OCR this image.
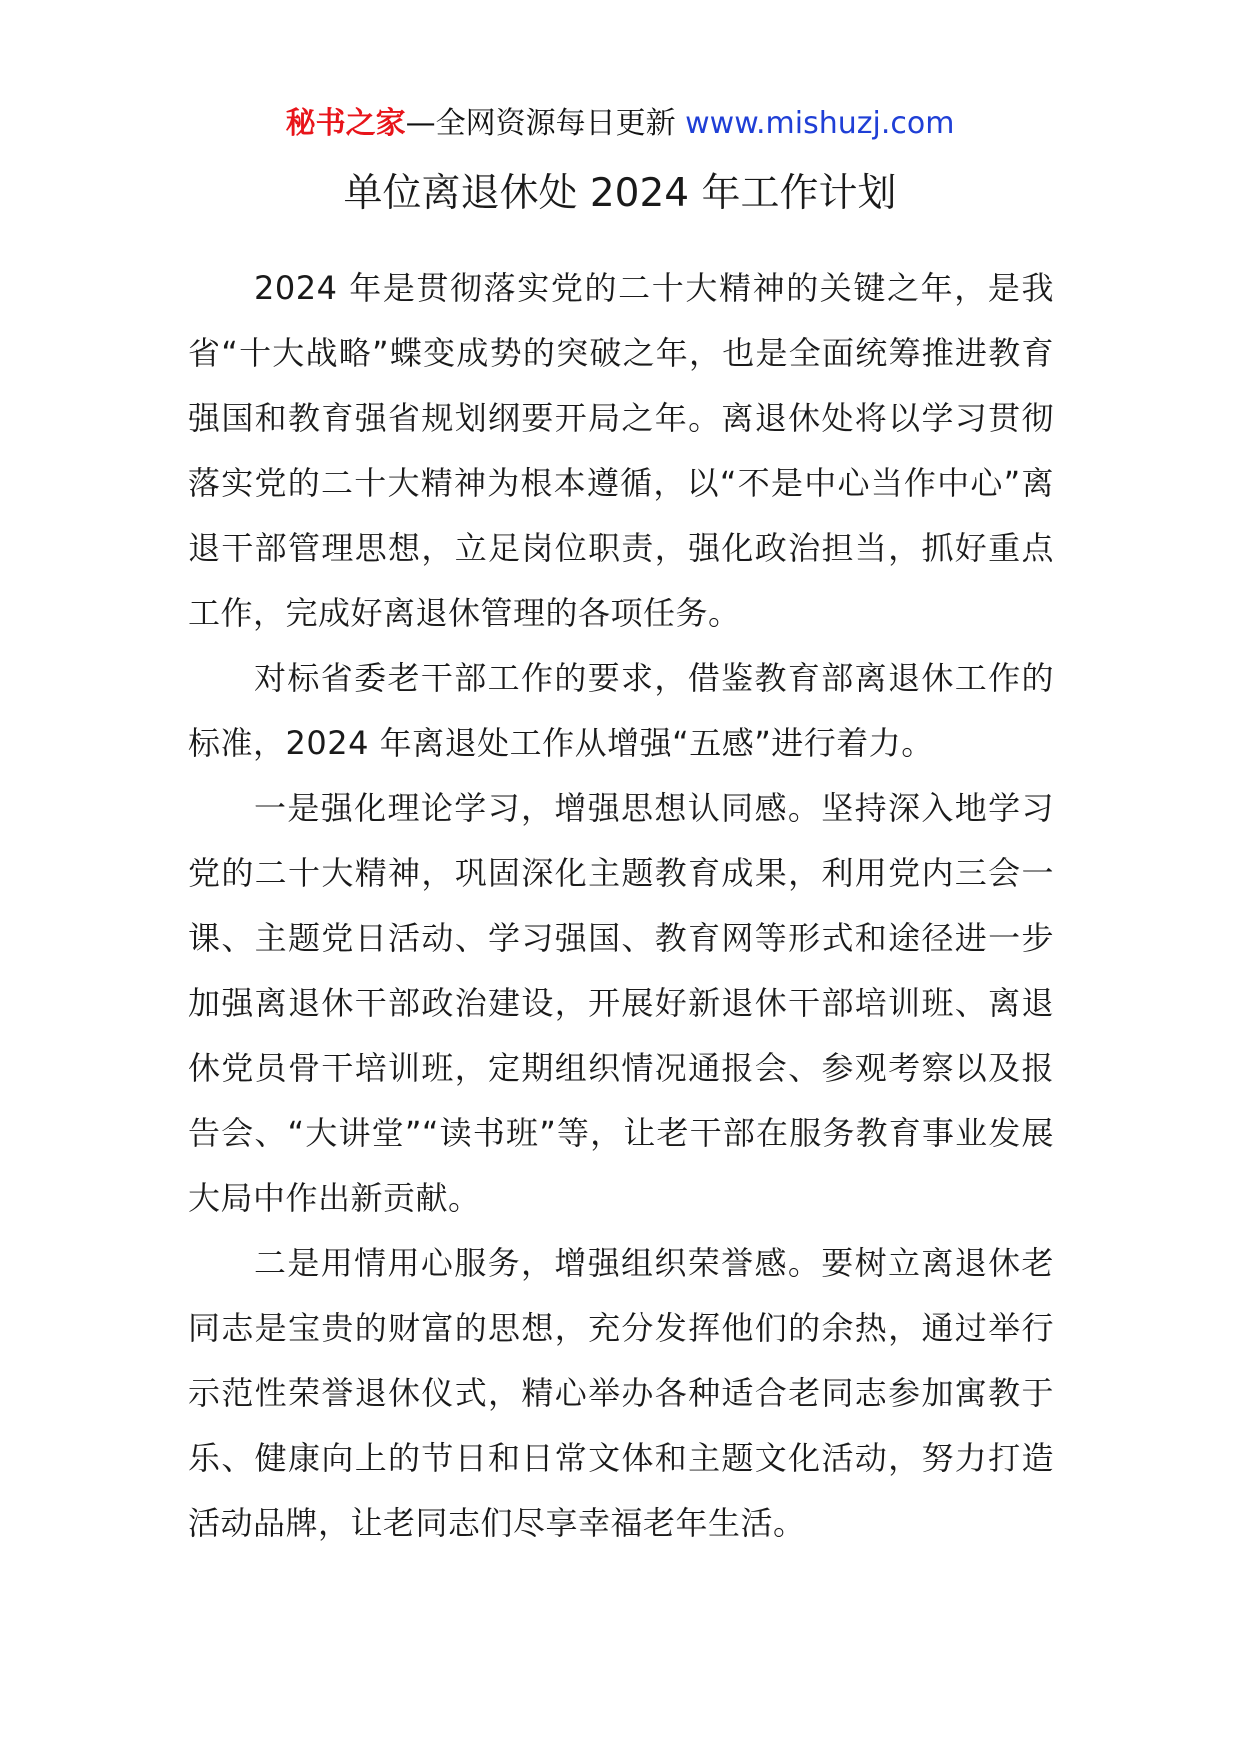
秘书之家—全网资源每日更新 www.mishuzj.com
单位离退休处 2024 年工作计划

2024 年是贯彻落实党的二十大精神的关键之年，是我省“十大战略”蝶变成势的突破之年，也是全面统筹推进教育强国和教育强省规划纲要开局之年。离退休处将以学习贯彻落实党的二十大精神为根本遵循，以“不是中心当作中心”离退干部管理思想，立足岗位职责，强化政治担当，抓好重点工作，完成好离退休管理的各项任务。

对标省委老干部工作的要求，借鉴教育部离退休工作的标准，2024 年离退处工作从增强“五感”进行着力。

一是强化理论学习，增强思想认同感。坚持深入地学习党的二十大精神，巩固深化主题教育成果，利用党内三会一课、主题党日活动、学习强国、教育网等形式和途径进一步加强离退休干部政治建设，开展好新退休干部培训班、离退休党员骨干培训班，定期组织情况通报会、参观考察以及报告会、“大讲堂”“读书班”等，让老干部在服务教育事业发展大局中作出新贡献。

二是用情用心服务，增强组织荣誉感。要树立离退休老同志是宝贵的财富的思想，充分发挥他们的余热，通过举行示范性荣誉退休仪式，精心举办各种适合老同志参加寓教于乐、健康向上的节日和日常文体和主题文化活动，努力打造活动品牌，让老同志们尽享幸福老年生活。
